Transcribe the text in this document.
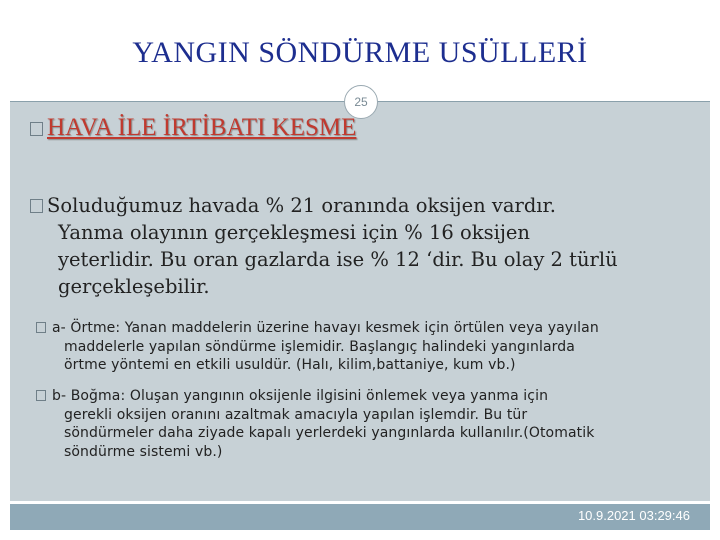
YANGIN SÖNDÜRME USÜLLERİ
25
HAVA İLE İRTİBATI KESME
Soluduğumuz havada % 21 oranında oksijen vardır.
Yanma olayının gerçekleşmesi için % 16 oksijen
yeterlidir. Bu oran gazlarda ise % 12 ‘dir. Bu olay 2 türlü
gerçekleşebilir.
a- Örtme: Yanan maddelerin üzerine havayı kesmek için örtülen veya yayılan
maddelerle yapılan söndürme işlemidir. Başlangıç halindeki yangınlarda
örtme yöntemi en etkili usuldür. (Halı, kilim,battaniye, kum vb.)
b- Boğma: Oluşan yangının oksijenle ilgisini önlemek veya yanma için
gerekli oksijen oranını azaltmak amacıyla yapılan işlemdir. Bu tür
söndürmeler daha ziyade kapalı yerlerdeki yangınlarda kullanılır.(Otomatik
söndürme sistemi vb.)
10.9.2021 03:29:46
